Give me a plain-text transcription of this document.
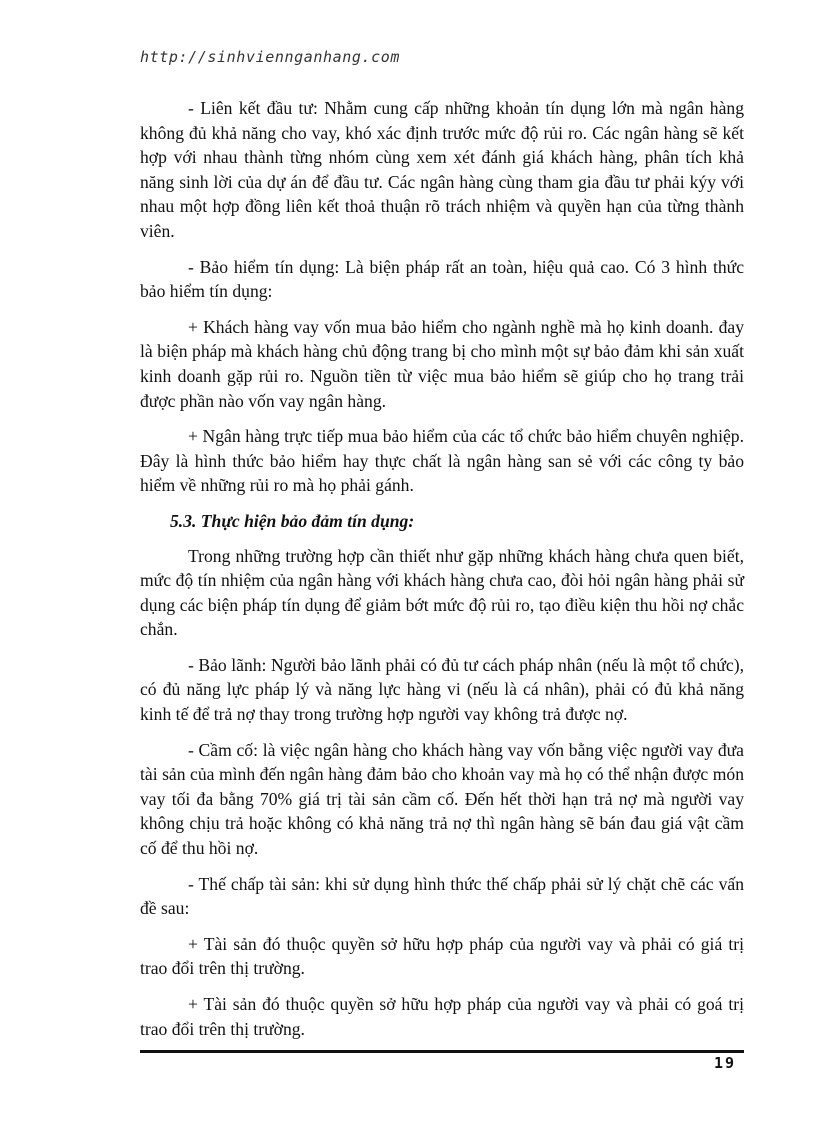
http://sinhviennganhang.com

- Liên kết đầu tư: Nhằm cung cấp những khoản tín dụng lớn mà ngân hàng không đủ khả năng cho vay, khó xác định trước mức độ rủi ro. Các ngân hàng sẽ kết hợp với nhau thành từng nhóm cùng xem xét đánh giá khách hàng, phân tích khả năng sinh lời của dự án để đầu tư. Các ngân hàng cùng tham gia đầu tư phải kýy với nhau một hợp đồng liên kết thoả thuận rõ trách nhiệm và quyền hạn của từng thành viên.

- Bảo hiểm tín dụng: Là biện pháp rất an toàn, hiệu quả cao. Có 3 hình thức bảo hiểm tín dụng:

+ Khách hàng vay vốn mua bảo hiểm cho ngành nghề mà họ kinh doanh. đay là biện pháp mà khách hàng chủ động trang bị cho mình một sự bảo đảm khi sản xuất kinh doanh gặp rủi ro. Nguồn tiền từ việc mua bảo hiểm sẽ giúp cho họ trang trải được phần nào vốn vay ngân hàng.

+ Ngân hàng trực tiếp mua bảo hiểm của các tổ chức bảo hiểm chuyên nghiệp. Đây là hình thức bảo hiểm hay thực chất là ngân hàng san sẻ với các công ty bảo hiểm về những rủi ro mà họ phải gánh.

5.3. Thực hiện bảo đảm tín dụng:

Trong những trường hợp cần thiết như gặp những khách hàng chưa quen biết, mức độ tín nhiệm của ngân hàng với khách hàng chưa cao, đòi hỏi ngân hàng phải sử dụng các biện pháp tín dụng để giảm bớt mức độ rủi ro, tạo điều kiện thu hồi nợ chắc chắn.

- Bảo lãnh: Người bảo lãnh phải có đủ tư cách pháp nhân (nếu là một tổ chức), có đủ năng lực pháp lý và năng lực hàng vi (nếu là cá nhân), phải có đủ khả năng kinh tế để trả nợ thay trong trường hợp người vay không trả được nợ.

- Cầm cố: là việc ngân hàng cho khách hàng vay vốn bằng việc người vay đưa tài sản của mình đến ngân hàng đảm bảo cho khoản vay mà họ có thể nhận được món vay tối đa bằng 70% giá trị tài sản cầm cố. Đến hết thời hạn trả nợ mà người vay không chịu trả hoặc không có khả năng trả nợ thì ngân hàng sẽ bán đau giá vật cầm cố để thu hồi nợ.

- Thế chấp tài sản: khi sử dụng hình thức thế chấp phải sử lý chặt chẽ các vấn đề sau:

+ Tài sản đó thuộc quyền sở hữu hợp pháp của người vay và phải có giá trị trao đổi trên thị trường.

+ Tài sản đó thuộc quyền sở hữu hợp pháp của người vay và phải có goá trị trao đổi trên thị trường.

19
